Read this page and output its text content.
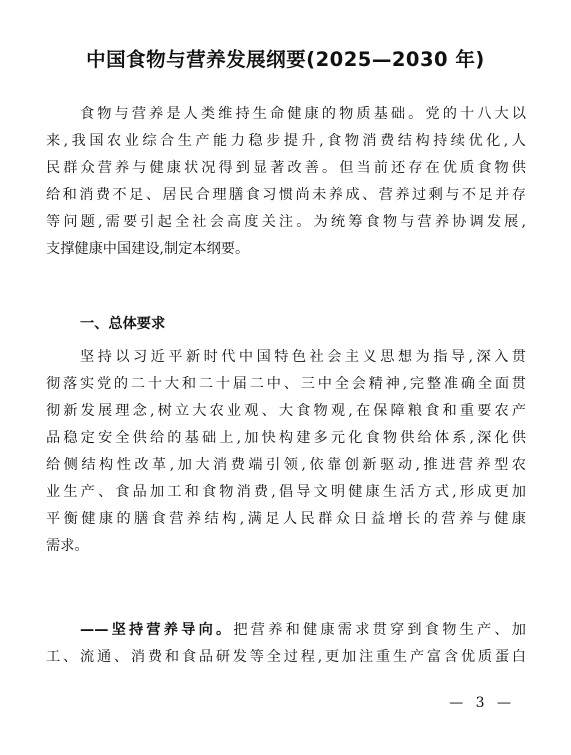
中国食物与营养发展纲要(2025—2030 年)
食物与营养是人类维持生命健康的物质基础。党的十八大以
来,我国农业综合生产能力稳步提升,食物消费结构持续优化,人
民群众营养与健康状况得到显著改善。但当前还存在优质食物供
给和消费不足、居民合理膳食习惯尚未养成、营养过剩与不足并存
等问题,需要引起全社会高度关注。为统筹食物与营养协调发展,
支撑健康中国建设,制定本纲要。
一、总体要求
坚持以习近平新时代中国特色社会主义思想为指导,深入贯
彻落实党的二十大和二十届二中、三中全会精神,完整准确全面贯
彻新发展理念,树立大农业观、大食物观,在保障粮食和重要农产
品稳定安全供给的基础上,加快构建多元化食物供给体系,深化供
给侧结构性改革,加大消费端引领,依靠创新驱动,推进营养型农
业生产、食品加工和食物消费,倡导文明健康生活方式,形成更加
平衡健康的膳食营养结构,满足人民群众日益增长的营养与健康
需求。
——坚持营养导向。把营养和健康需求贯穿到食物生产、加
工、流通、消费和食品研发等全过程,更加注重生产富含优质蛋白
— 3 —
